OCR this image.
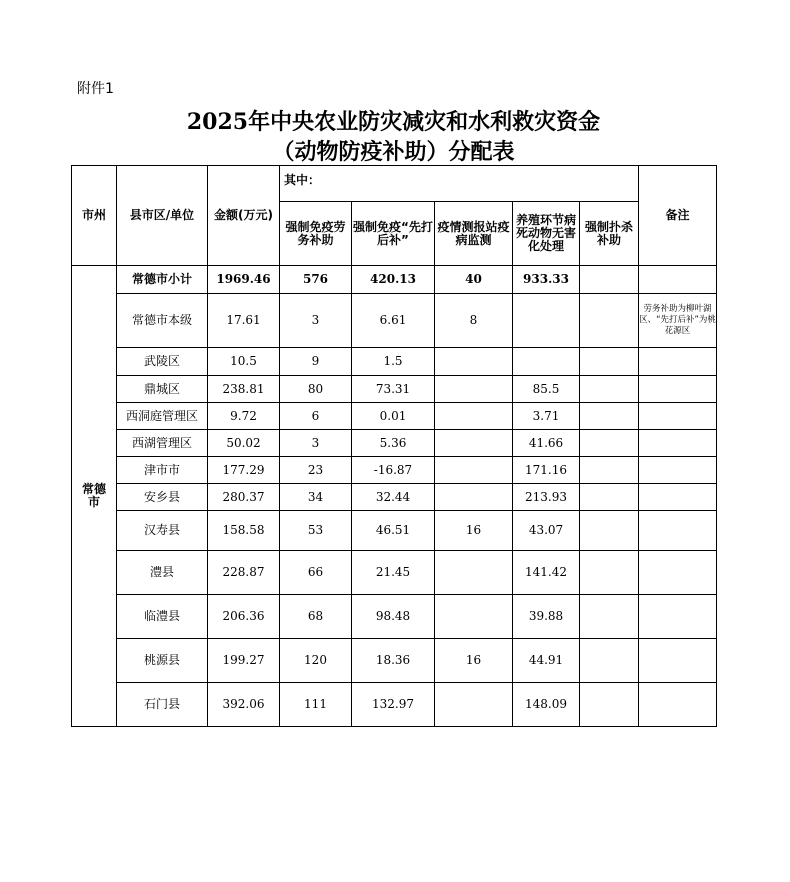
附件1
2025年中央农业防灾减灾和水利救灾资金
（动物防疫补助）分配表
市州	县市区/单位	金额(万元)	其中：					备注
			强制免疫劳务补助	强制免疫“先打后补”	疫情测报站疫病监测	养殖环节病死动物无害化处理	强制扑杀补助	
常德
市	常德市小计	1969.46	576	420.13	40	933.33		
	常德市本级	17.61	3	6.61	8			劳务补助为柳叶湖区、“先打后补”为桃花源区
	武陵区	10.5	9	1.5				
	鼎城区	238.81	80	73.31		85.5		
	西洞庭管理区	9.72	6	0.01		3.71		
	西湖管理区	50.02	3	5.36		41.66		
	津市市	177.29	23	-16.87		171.16		
	安乡县	280.37	34	32.44		213.93		
	汉寿县	158.58	53	46.51	16	43.07		
	澧县	228.87	66	21.45		141.42		
	临澧县	206.36	68	98.48		39.88		
	桃源县	199.27	120	18.36	16	44.91		
	石门县	392.06	111	132.97		148.09		
